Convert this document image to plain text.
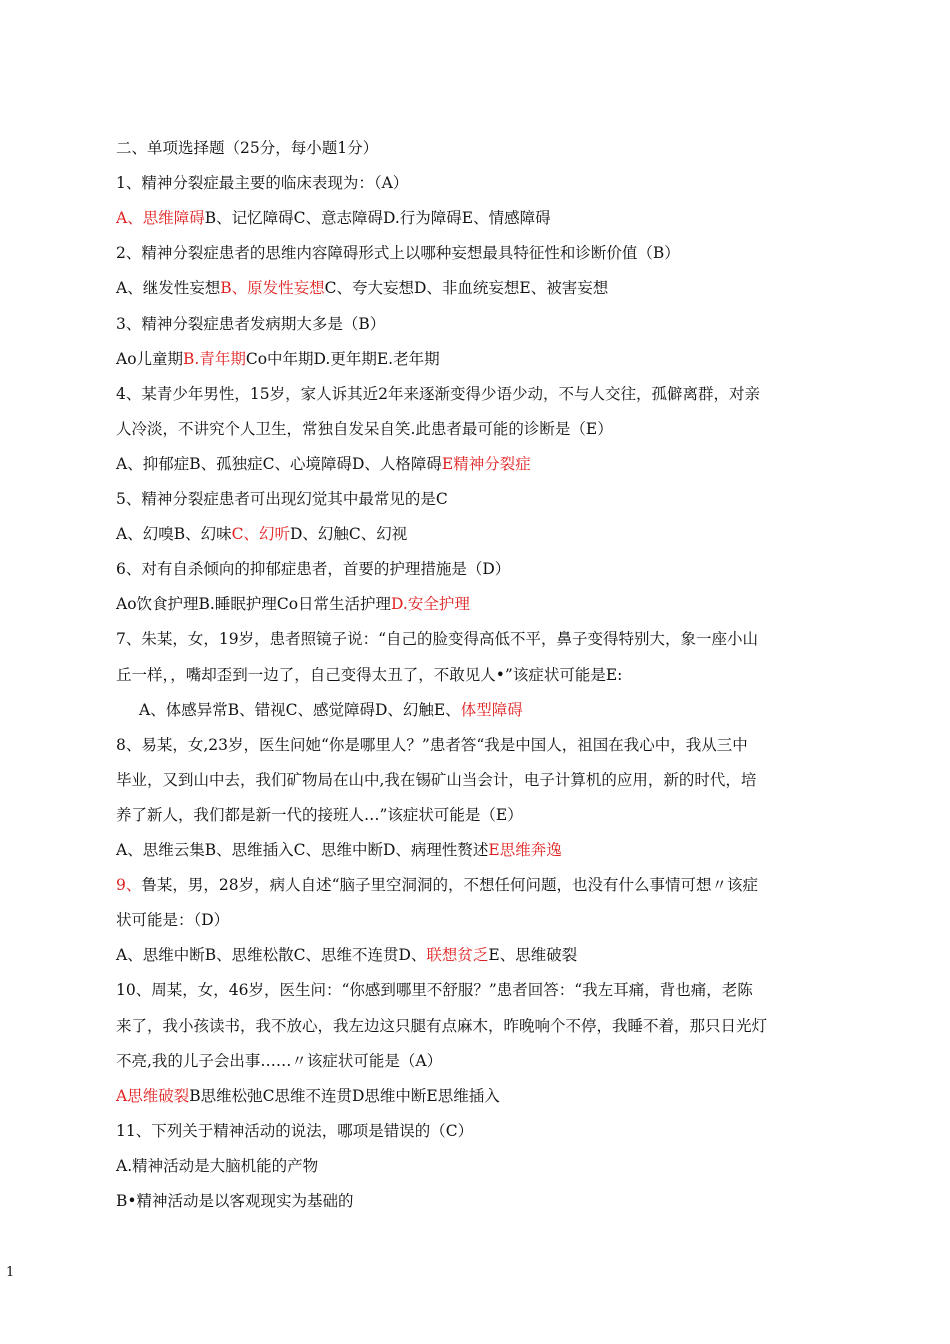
二、单项选择题（25分，每小题1分）
1、精神分裂症最主要的临床表现为：（A）
A、思维障碍B、记忆障碍C、意志障碍D.行为障碍E、情感障碍
2、精神分裂症患者的思维内容障碍形式上以哪种妄想最具特征性和诊断价值（B）
A、继发性妄想B、原发性妄想C、夸大妄想D、非血统妄想E、被害妄想
3、精神分裂症患者发病期大多是（B）
Ao儿童期B.青年期Co中年期D.更年期E.老年期
4、某青少年男性，15岁，家人诉其近2年来逐渐变得少语少动，不与人交往，孤僻离群，对亲
人冷淡，不讲究个人卫生，常独自发呆自笑.此患者最可能的诊断是（E）
A、抑郁症B、孤独症C、心境障碍D、人格障碍E精神分裂症
5、精神分裂症患者可出现幻觉其中最常见的是C
A、幻嗅B、幻味C、幻听D、幻触C、幻视
6、对有自杀倾向的抑郁症患者，首要的护理措施是（D）
Ao饮食护理B.睡眠护理Co日常生活护理D.安全护理
7、朱某，女，19岁，患者照镜子说：“自己的脸变得高低不平，鼻子变得特别大，象一座小山
丘一样，，嘴却歪到一边了，自己变得太丑了，不敢见人•”该症状可能是E:
A、体感异常B、错视C、感觉障碍D、幻触E、体型障碍
8、易某，女,23岁，医生问她“你是哪里人？”患者答“我是中国人，祖国在我心中，我从三中
毕业，又到山中去，我们矿物局在山中,我在锡矿山当会计，电子计算机的应用，新的时代，培
养了新人，我们都是新一代的接班人…”该症状可能是（E）
A、思维云集B、思维插入C、思维中断D、病理性赘述E思维奔逸
9、鲁某，男，28岁，病人自述“脑子里空洞洞的，不想任何问题，也没有什么事情可想〃该症
状可能是：（D）
A、思维中断B、思维松散C、思维不连贯D、联想贫乏E、思维破裂
10、周某，女，46岁，医生问：“你感到哪里不舒服？”患者回答：“我左耳痛，背也痛，老陈
来了，我小孩读书，我不放心，我左边这只腿有点麻木，昨晚响个不停，我睡不着，那只日光灯
不亮,我的儿子会出事……〃该症状可能是（A）
A思维破裂B思维松弛C思维不连贯D思维中断E思维插入
11、下列关于精神活动的说法，哪项是错误的（C）
A.精神活动是大脑机能的产物
B•精神活动是以客观现实为基础的
1
